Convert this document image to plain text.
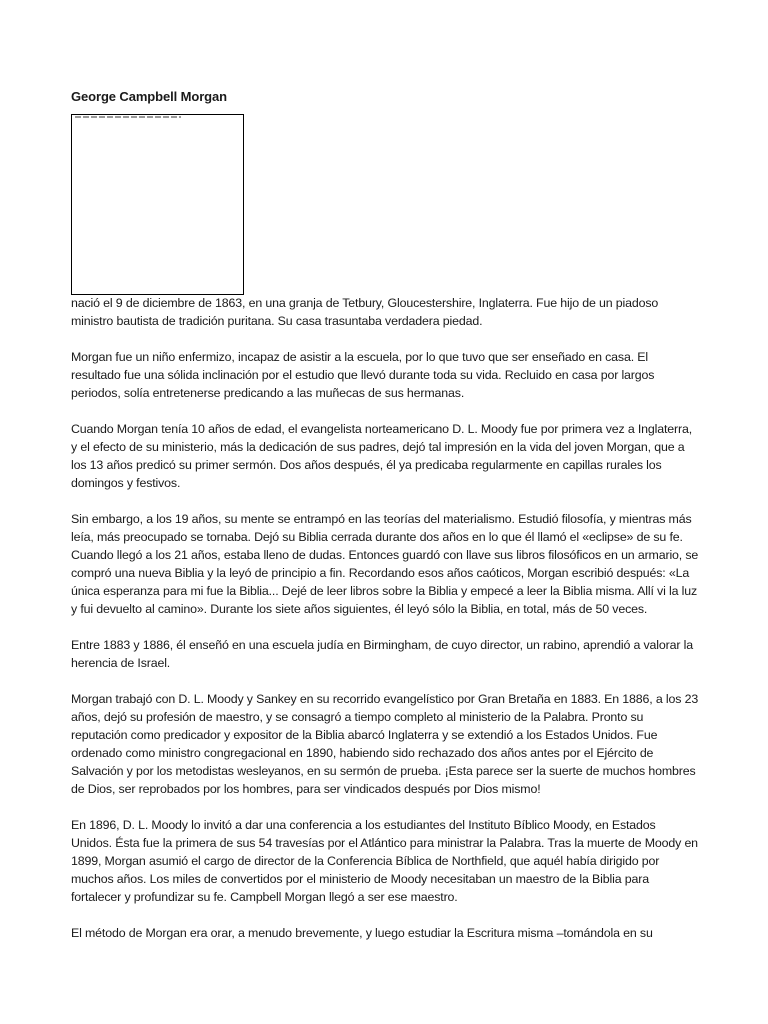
George Campbell Morgan

nació el 9 de diciembre de 1863, en una granja de Tetbury, Gloucestershire, Inglaterra. Fue hijo de un piadoso ministro bautista de tradición puritana. Su casa trasuntaba verdadera piedad.

Morgan fue un niño enfermizo, incapaz de asistir a la escuela, por lo que tuvo que ser enseñado en casa. El resultado fue una sólida inclinación por el estudio que llevó durante toda su vida. Recluido en casa por largos periodos, solía entretenerse predicando a las muñecas de sus hermanas.

Cuando Morgan tenía 10 años de edad, el evangelista norteamericano D. L. Moody fue por primera vez a Inglaterra, y el efecto de su ministerio, más la dedicación de sus padres, dejó tal impresión en la vida del joven Morgan, que a los 13 años predicó su primer sermón. Dos años después, él ya predicaba regularmente en capillas rurales los domingos y festivos.

Sin embargo, a los 19 años, su mente se entrampó en las teorías del materialismo. Estudió filosofía, y mientras más leía, más preocupado se tornaba. Dejó su Biblia cerrada durante dos años en lo que él llamó el «eclipse» de su fe. Cuando llegó a los 21 años, estaba lleno de dudas. Entonces guardó con llave sus libros filosóficos en un armario, se compró una nueva Biblia y la leyó de principio a fin. Recordando esos años caóticos, Morgan escribió después: «La única esperanza para mi fue la Biblia... Dejé de leer libros sobre la Biblia y empecé a leer la Biblia misma. Allí vi la luz y fui devuelto al camino». Durante los siete años siguientes, él leyó sólo la Biblia, en total, más de 50 veces.

Entre 1883 y 1886, él enseñó en una escuela judía en Birmingham, de cuyo director, un rabino, aprendió a valorar la herencia de Israel.

Morgan trabajó con D. L. Moody y Sankey en su recorrido evangelístico por Gran Bretaña en 1883. En 1886, a los 23 años, dejó su profesión de maestro, y se consagró a tiempo completo al ministerio de la Palabra. Pronto su reputación como predicador y expositor de la Biblia abarcó Inglaterra y se extendió a los Estados Unidos. Fue ordenado como ministro congregacional en 1890, habiendo sido rechazado dos años antes por el Ejército de Salvación y por los metodistas wesleyanos, en su sermón de prueba. ¡Esta parece ser la suerte de muchos hombres de Dios, ser reprobados por los hombres, para ser vindicados después por Dios mismo!

En 1896, D. L. Moody lo invitó a dar una conferencia a los estudiantes del Instituto Bíblico Moody, en Estados Unidos. Ésta fue la primera de sus 54 travesías por el Atlántico para ministrar la Palabra. Tras la muerte de Moody en 1899, Morgan asumió el cargo de director de la Conferencia Bíblica de Northfield, que aquél había dirigido por muchos años. Los miles de convertidos por el ministerio de Moody necesitaban un maestro de la Biblia para fortalecer y profundizar su fe. Campbell Morgan llegó a ser ese maestro.

El método de Morgan era orar, a menudo brevemente, y luego estudiar la Escritura misma –tomándola en su
